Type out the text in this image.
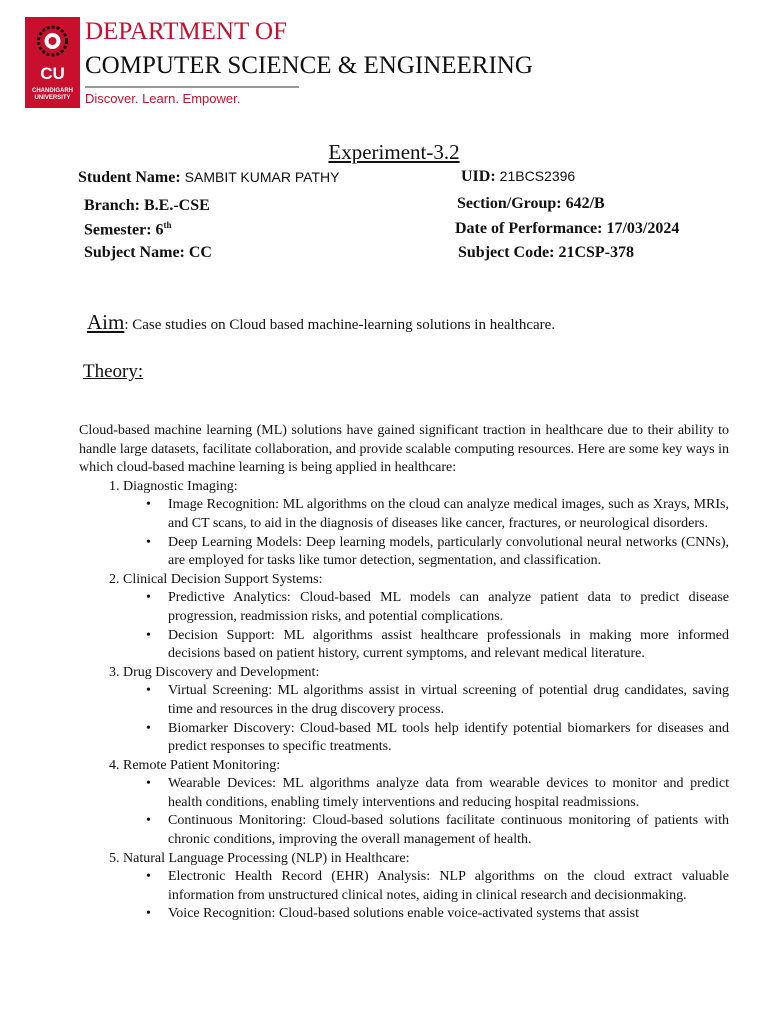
CU
CHANDIGARH UNIVERSITY
DEPARTMENT OF
COMPUTER SCIENCE & ENGINEERING
Discover. Learn. Empower.
Experiment-3.2
Student Name: SAMBIT KUMAR PATHY	UID: 21BCS2396
Branch: B.E.-CSE	Section/Group: 642/B
Semester: 6th	Date of Performance: 17/03/2024
Subject Name: CC	Subject Code: 21CSP-378
Aim: Case studies on Cloud based machine-learning solutions in healthcare.
Theory:

Cloud-based machine learning (ML) solutions have gained significant traction in healthcare due to their ability to handle large datasets, facilitate collaboration, and provide scalable computing resources. Here are some key ways in which cloud-based machine learning is being applied in healthcare:

1. Diagnostic Imaging:
• Image Recognition: ML algorithms on the cloud can analyze medical images, such as Xrays, MRIs, and CT scans, to aid in the diagnosis of diseases like cancer, fractures, or neurological disorders.
• Deep Learning Models: Deep learning models, particularly convolutional neural networks (CNNs), are employed for tasks like tumor detection, segmentation, and classification.
2. Clinical Decision Support Systems:
• Predictive Analytics: Cloud-based ML models can analyze patient data to predict disease progression, readmission risks, and potential complications.
• Decision Support: ML algorithms assist healthcare professionals in making more informed decisions based on patient history, current symptoms, and relevant medical literature.
3. Drug Discovery and Development:
• Virtual Screening: ML algorithms assist in virtual screening of potential drug candidates, saving time and resources in the drug discovery process.
• Biomarker Discovery: Cloud-based ML tools help identify potential biomarkers for diseases and predict responses to specific treatments.
4. Remote Patient Monitoring:
• Wearable Devices: ML algorithms analyze data from wearable devices to monitor and predict health conditions, enabling timely interventions and reducing hospital readmissions.
• Continuous Monitoring: Cloud-based solutions facilitate continuous monitoring of patients with chronic conditions, improving the overall management of health.
5. Natural Language Processing (NLP) in Healthcare:
• Electronic Health Record (EHR) Analysis: NLP algorithms on the cloud extract valuable information from unstructured clinical notes, aiding in clinical research and decisionmaking.
• Voice Recognition: Cloud-based solutions enable voice-activated systems that assist
